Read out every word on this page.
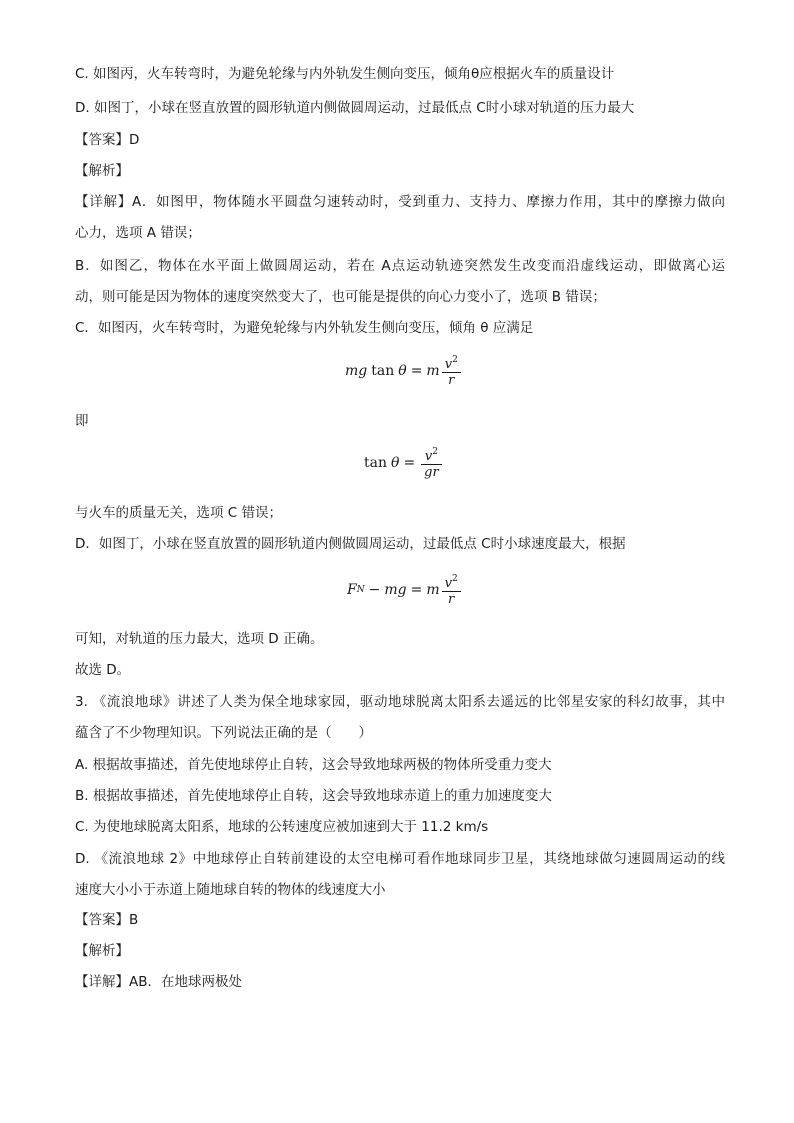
C. 如图丙，火车转弯时，为避免轮缘与内外轨发生侧向变压，倾角θ应根据火车的质量设计
D. 如图丁，小球在竖直放置的圆形轨道内侧做圆周运动，过最低点 C时小球对轨道的压力最大
【答案】D
【解析】
【详解】A．如图甲，物体随水平圆盘匀速转动时，受到重力、支持力、摩擦力作用，其中的摩擦力做向
心力，选项 A 错误；
B．如图乙，物体在水平面上做圆周运动，若在 A点运动轨迹突然发生改变而沿虚线运动，即做离心运
动，则可能是因为物体的速度突然变大了，也可能是提供的向心力变小了，选项 B 错误；
C．如图丙，火车转弯时，为避免轮缘与内外轨发生侧向变压，倾角 θ 应满足
mg tan θ = m $\frac{v^2}{r}$
即
$\tan \theta = \frac{v^2}{gr}$
与火车的质量无关，选项 C 错误；
D．如图丁，小球在竖直放置的圆形轨道内侧做圆周运动，过最低点 C时小球速度最大，根据
F N − mg = m $\frac{v^2}{r}$
可知，对轨道的压力最大，选项 D 正确。
故选 D。
3. 《流浪地球》讲述了人类为保全地球家园，驱动地球脱离太阳系去遥远的比邻星安家的科幻故事，其中
蕴含了不少物理知识。下列说法正确的是（　　）
A. 根据故事描述，首先使地球停止自转，这会导致地球两极的物体所受重力变大
B. 根据故事描述，首先使地球停止自转，这会导致地球赤道上的重力加速度变大
C. 为使地球脱离太阳系，地球的公转速度应被加速到大于 11.2 km/s
D. 《流浪地球 2》中地球停止自转前建设的太空电梯可看作地球同步卫星，其绕地球做匀速圆周运动的线
速度大小小于赤道上随地球自转的物体的线速度大小
【答案】B
【解析】
【详解】AB．在地球两极处
